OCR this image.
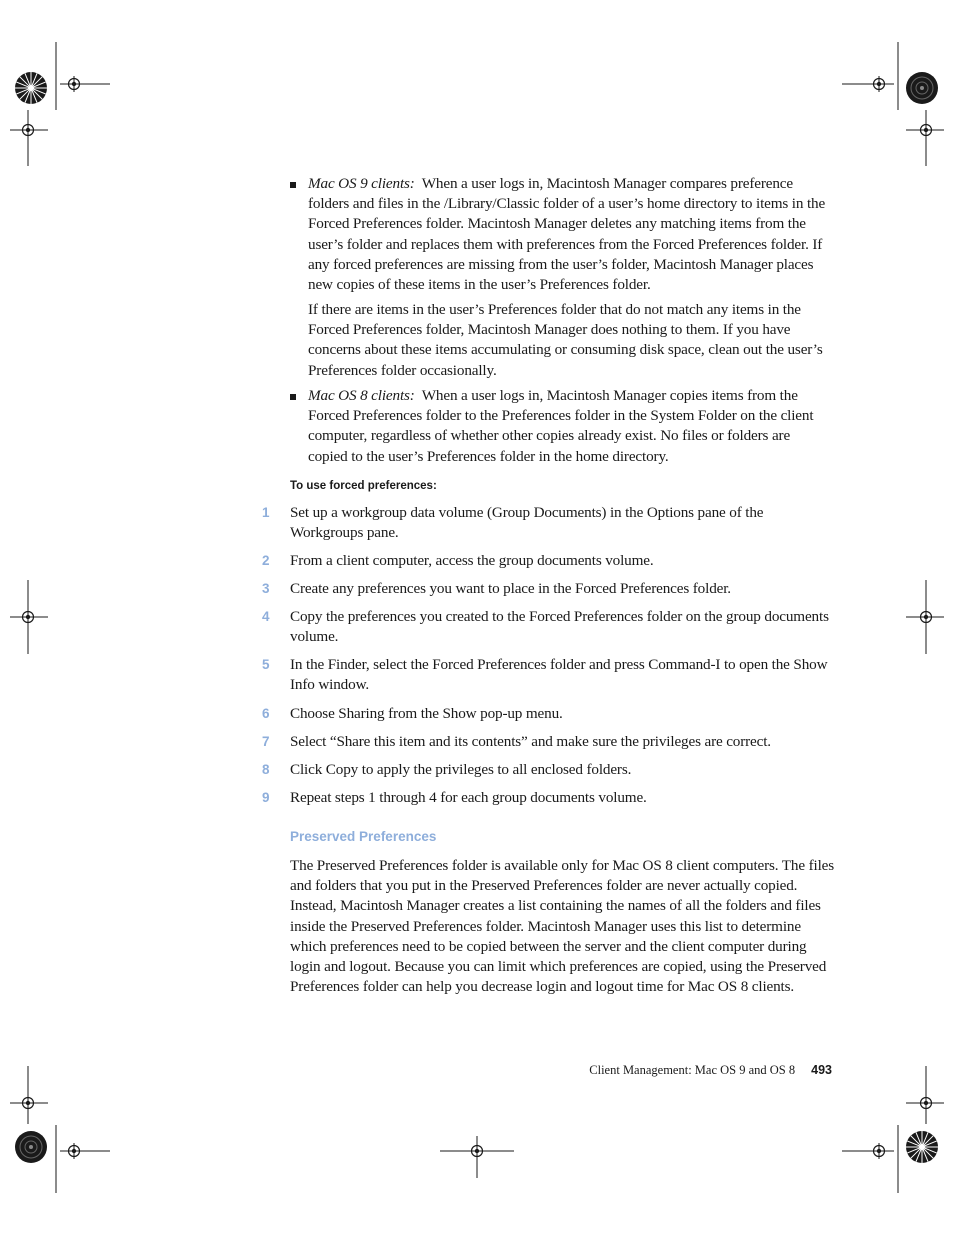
Mac OS 9 clients: When a user logs in, Macintosh Manager compares preference folders and files in the /Library/Classic folder of a user’s home directory to items in the Forced Preferences folder. Macintosh Manager deletes any matching items from the user’s folder and replaces them with preferences from the Forced Preferences folder. If any forced preferences are missing from the user’s folder, Macintosh Manager places new copies of these items in the user’s Preferences folder.
If there are items in the user’s Preferences folder that do not match any items in the Forced Preferences folder, Macintosh Manager does nothing to them. If you have concerns about these items accumulating or consuming disk space, clean out the user’s Preferences folder occasionally.
Mac OS 8 clients: When a user logs in, Macintosh Manager copies items from the Forced Preferences folder to the Preferences folder in the System Folder on the client computer, regardless of whether other copies already exist. No files or folders are copied to the user’s Preferences folder in the home directory.
To use forced preferences:
1	Set up a workgroup data volume (Group Documents) in the Options pane of the Workgroups pane.
2	From a client computer, access the group documents volume.
3	Create any preferences you want to place in the Forced Preferences folder.
4	Copy the preferences you created to the Forced Preferences folder on the group documents volume.
5	In the Finder, select the Forced Preferences folder and press Command-I to open the Show Info window.
6	Choose Sharing from the Show pop-up menu.
7	Select “Share this item and its contents” and make sure the privileges are correct.
8	Click Copy to apply the privileges to all enclosed folders.
9	Repeat steps 1 through 4 for each group documents volume.
Preserved Preferences
The Preserved Preferences folder is available only for Mac OS 8 client computers. The files and folders that you put in the Preserved Preferences folder are never actually copied. Instead, Macintosh Manager creates a list containing the names of all the folders and files inside the Preserved Preferences folder. Macintosh Manager uses this list to determine which preferences need to be copied between the server and the client computer during login and logout. Because you can limit which preferences are copied, using the Preserved Preferences folder can help you decrease login and logout time for Mac OS 8 clients.
Client Management: Mac OS 9 and OS 8 493
